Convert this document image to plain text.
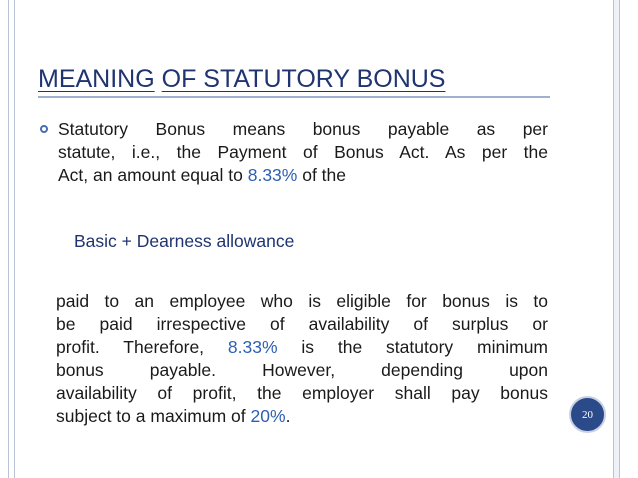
MEANING OF STATUTORY BONUS
Statutory Bonus means bonus payable as per
statute, i.e., the Payment of Bonus Act. As per the
Act, an amount equal to 8.33% of the
Basic + Dearness allowance
paid to an employee who is eligible for bonus is to
be paid irrespective of availability of surplus or
profit. Therefore, 8.33% is the statutory minimum
bonus payable. However, depending upon
availability of profit, the employer shall pay bonus
subject to a maximum of 20%.	20
